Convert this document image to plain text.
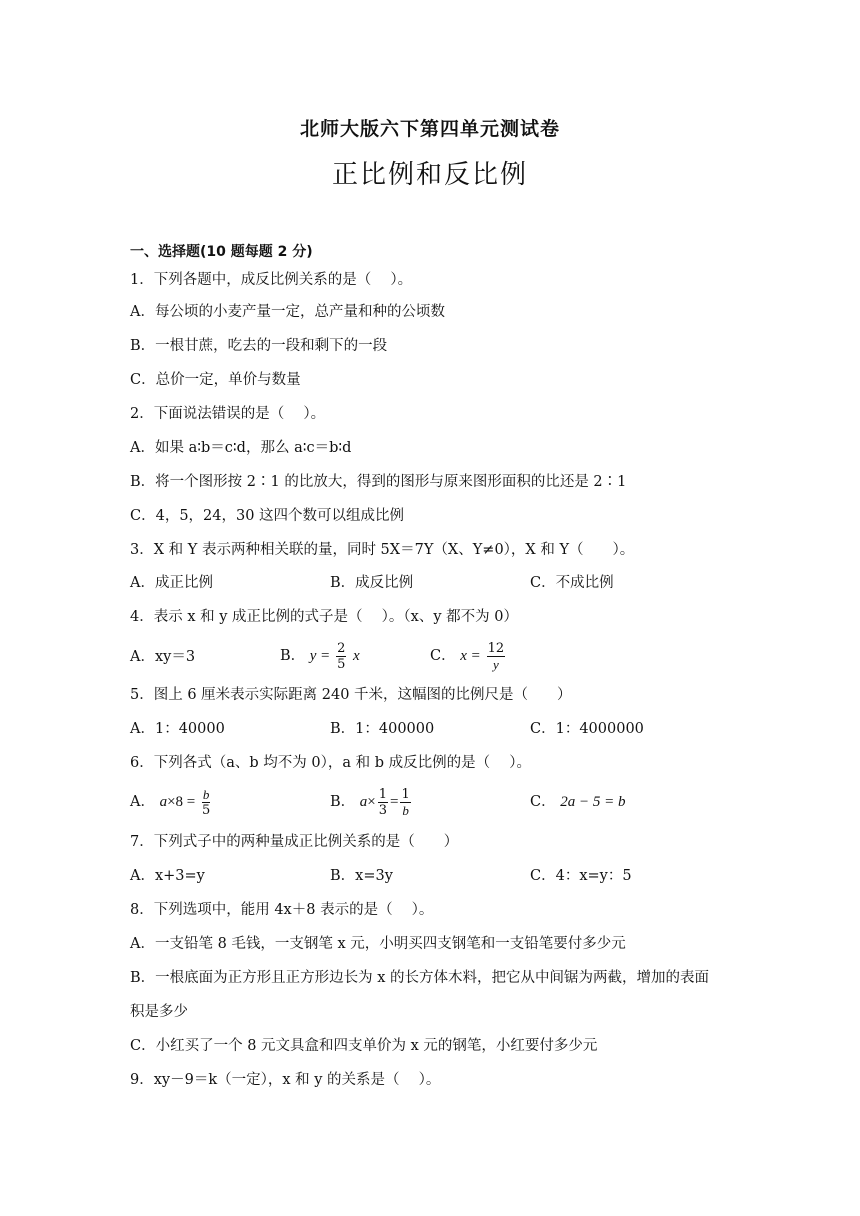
北师大版六下第四单元测试卷
正比例和反比例
一、选择题(10 题每题 2 分)
1．下列各题中，成反比例关系的是（　 ）。
A．每公顷的小麦产量一定，总产量和种的公顷数
B．一根甘蔗，吃去的一段和剩下的一段
C．总价一定，单价与数量
2．下面说法错误的是（　 ）。
A．如果 a∶b＝c∶d，那么 a∶c＝b∶d
B．将一个图形按 2∶1 的比放大，得到的图形与原来图形面积的比还是 2∶1
C．4，5，24，30 这四个数可以组成比例
3．X 和 Y 表示两种相关联的量，同时 5X＝7Y（X、Y≠0），X 和 Y（　　）。
A．成正比例	B．成反比例	C．不成比例
4．表示 x 和 y 成正比例的式子是（　 ）。（x、y 都不为 0）
A．xy＝3	B． $y = \frac{2}{5}$ x	C． $x = \frac{12}{y}$
5．图上 6 厘米表示实际距离 240 千米，这幅图的比例尺是（　　）
A．1：40000	B．1：400000	C．1：4000000
6．下列各式（a、b 均不为 0），a 和 b 成反比例的是（　 ）。
A． $a\times 8 = \frac{b}{5}$	B． $a\times \frac{1}{3} = \frac{1}{b}$	C． 2a − 5 = b
7．下列式子中的两种量成正比例关系的是（　　）
A．x+3=y	B．x=3y	C．4：x=y：5
8．下列选项中，能用 4x＋8 表示的是（　 ）。
A．一支铅笔 8 毛钱，一支钢笔 x 元，小明买四支钢笔和一支铅笔要付多少元
B．一根底面为正方形且正方形边长为 x 的长方体木料，把它从中间锯为两截，增加的表面
积是多少
C．小红买了一个 8 元文具盒和四支单价为 x 元的钢笔，小红要付多少元
9．xy－9＝k（一定），x 和 y 的关系是（　 ）。
